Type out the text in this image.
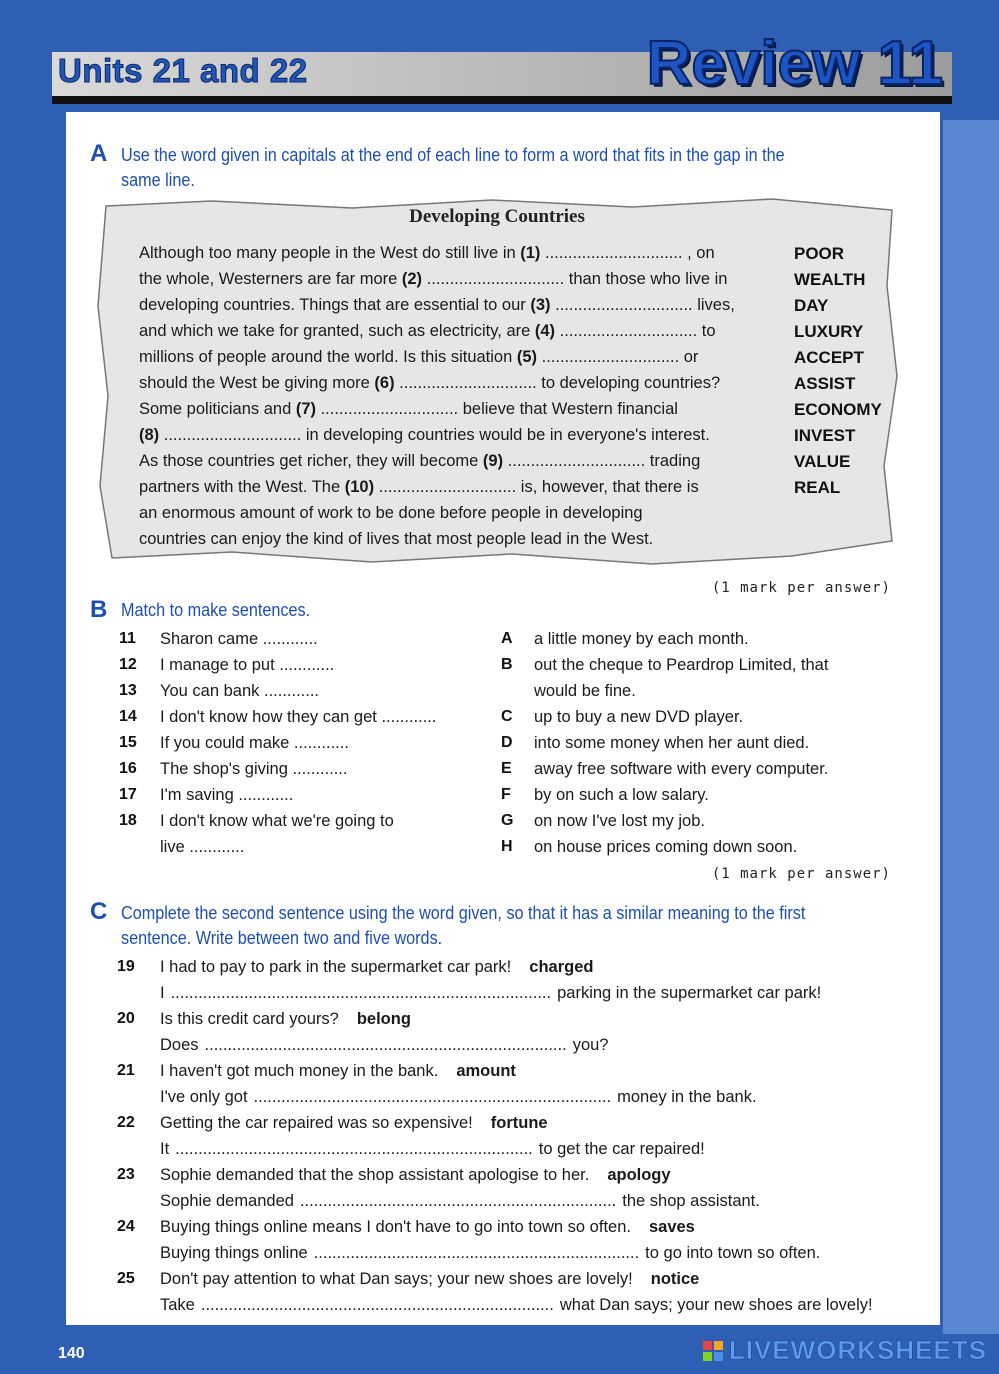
Units 21 and 22	Review 11
A Use the word given in capitals at the end of each line to form a word that fits in the gap in the
same line.
Developing Countries
Although too many people in the West do still live in (1) .............................. , on	POOR
the whole, Westerners are far more (2) .............................. than those who live in	WEALTH
developing countries. Things that are essential to our (3) .............................. lives,	DAY
and which we take for granted, such as electricity, are (4) .............................. to	LUXURY
millions of people around the world. Is this situation (5) .............................. or	ACCEPT
should the West be giving more (6) .............................. to developing countries?	ASSIST
Some politicians and (7) .............................. believe that Western financial	ECONOMY
(8) .............................. in developing countries would be in everyone's interest.	INVEST
As those countries get richer, they will become (9) .............................. trading	VALUE
partners with the West. The (10) .............................. is, however, that there is	REAL
an enormous amount of work to be done before people in developing
countries can enjoy the kind of lives that most people lead in the West.
(1 mark per answer)
B Match to make sentences.
11 Sharon came ............
12 I manage to put ............
13 You can bank ............
14 I don't know how they can get ............
15 If you could make ............
16 The shop's giving ............
17 I'm saving ............
18 I don't know what we're going to
live ............
A a little money by each month.
B out the cheque to Peardrop Limited, that
would be fine.
C up to buy a new DVD player.
D into some money when her aunt died.
E away free software with every computer.
F by on such a low salary.
G on now I've lost my job.
H on house prices coming down soon.
(1 mark per answer)
C Complete the second sentence using the word given, so that it has a similar meaning to the first
sentence. Write between two and five words.
19 I had to pay to park in the supermarket car park! charged
I ................................................................................... parking in the supermarket car park!
20 Is this credit card yours? belong
Does ............................................................................... you?
21 I haven't got much money in the bank. amount
I've only got .............................................................................. money in the bank.
22 Getting the car repaired was so expensive! fortune
It .............................................................................. to get the car repaired!
23 Sophie demanded that the shop assistant apologise to her. apology
Sophie demanded ..................................................................... the shop assistant.
24 Buying things online means I don't have to go into town so often. saves
Buying things online ....................................................................... to go into town so often.
25 Don't pay attention to what Dan says; your new shoes are lovely! notice
Take ............................................................................. what Dan says; your new shoes are lovely!
140	LIVEWORKSHEETS
